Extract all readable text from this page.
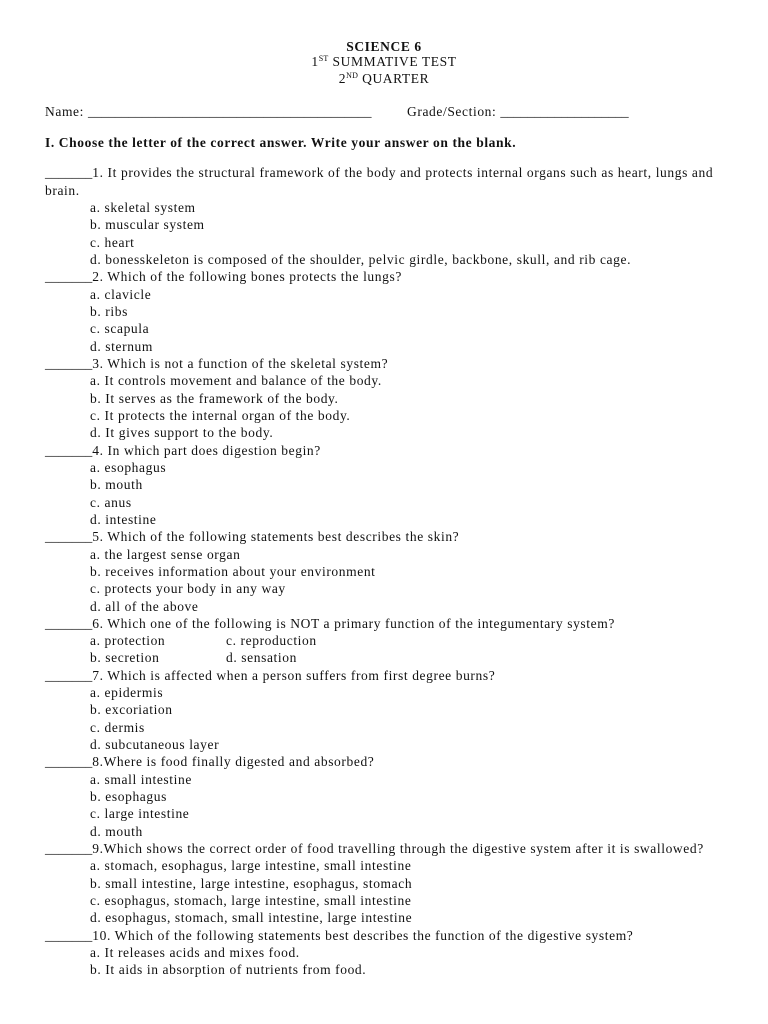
SCIENCE 6
1ST SUMMATIVE TEST
2ND QUARTER
Name: __________________________________________	Grade/Section: ___________________
I. Choose the letter of the correct answer. Write your answer on the blank.
_______1. It provides the structural framework of the body and protects internal organs such as heart, lungs and brain.
a. skeletal system
b. muscular system
c. heart
d. bonesskeleton is composed of the shoulder, pelvic girdle, backbone, skull, and rib cage.
_______2. Which of the following bones protects the lungs?
a. clavicle
b. ribs
c. scapula
d. sternum
_______3. Which is not a function of the skeletal system?
a. It controls movement and balance of the body.
b. It serves as the framework of the body.
c. It protects the internal organ of the body.
d. It gives support to the body.
_______4. In which part does digestion begin?
a. esophagus
b. mouth
c. anus
d. intestine
_______5. Which of the following statements best describes the skin?
a. the largest sense organ
b. receives information about your environment
c. protects your body in any way
d. all of the above
_______6. Which one of the following is NOT a primary function of the integumentary system?
a. protection
b. secretion
c. reproduction
d. sensation
_______7. Which is affected when a person suffers from first degree burns?
a. epidermis
b. excoriation
c. dermis
d. subcutaneous layer
_______8.Where is food finally digested and absorbed?
a. small intestine
b. esophagus
c. large intestine
d. mouth
_______9.Which shows the correct order of food travelling through the digestive system after it is swallowed?
a. stomach, esophagus, large intestine, small intestine
b. small intestine, large intestine, esophagus, stomach
c. esophagus, stomach, large intestine, small intestine
d. esophagus, stomach, small intestine, large intestine
_______10. Which of the following statements best describes the function of the digestive system?
a. It releases acids and mixes food.
b. It aids in absorption of nutrients from food.
